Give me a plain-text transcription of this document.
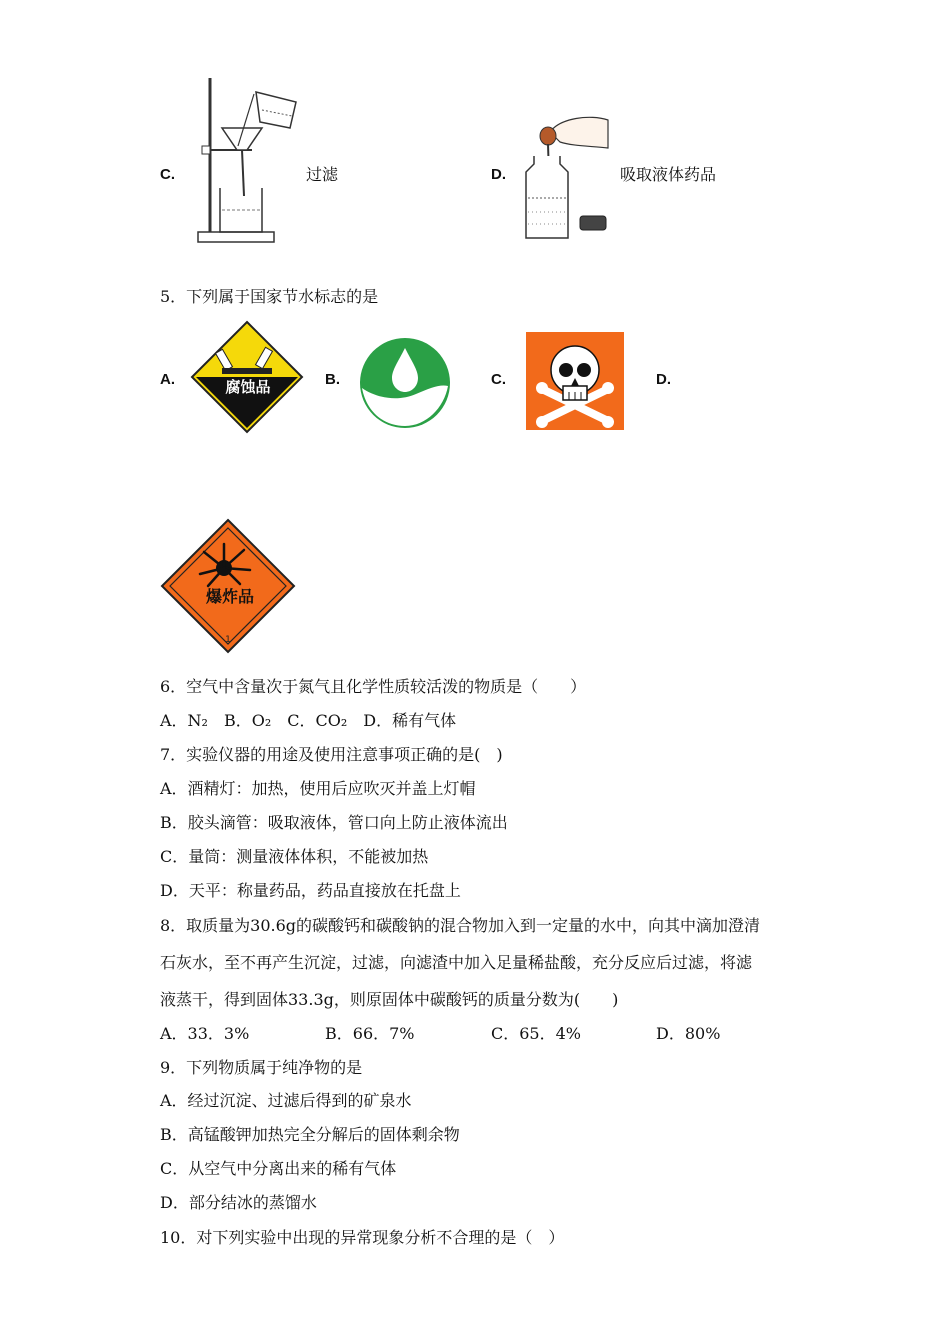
C.	过滤	D.	吸取液体药品
5．下列属于国家节水标志的是
A.	腐蚀品	B.	C.	D.
1
爆炸品
6．空气中含量次于氮气且化学性质较活泼的物质是（　　）
A．N₂　B．O₂　C．CO₂　D．稀有气体
7．实验仪器的用途及使用注意事项正确的是(　)
A．酒精灯：加热，使用后应吹灭并盖上灯帽
B．胶头滴管：吸取液体，管口向上防止液体流出
C．量筒：测量液体体积，不能被加热
D．天平：称量药品，药品直接放在托盘上
8．取质量为30.6g的碳酸钙和碳酸钠的混合物加入到一定量的水中，向其中滴加澄清
石灰水，至不再产生沉淀，过滤，向滤渣中加入足量稀盐酸，充分反应后过滤，将滤
液蒸干，得到固体33.3g，则原固体中碳酸钙的质量分数为(　　)
A．33．3%	B．66．7%	C．65．4%	D．80%
9．下列物质属于纯净物的是
A．经过沉淀、过滤后得到的矿泉水
B．高锰酸钾加热完全分解后的固体剩余物
C．从空气中分离出来的稀有气体
D．部分结冰的蒸馏水
10．对下列实验中出现的异常现象分析不合理的是（　）
